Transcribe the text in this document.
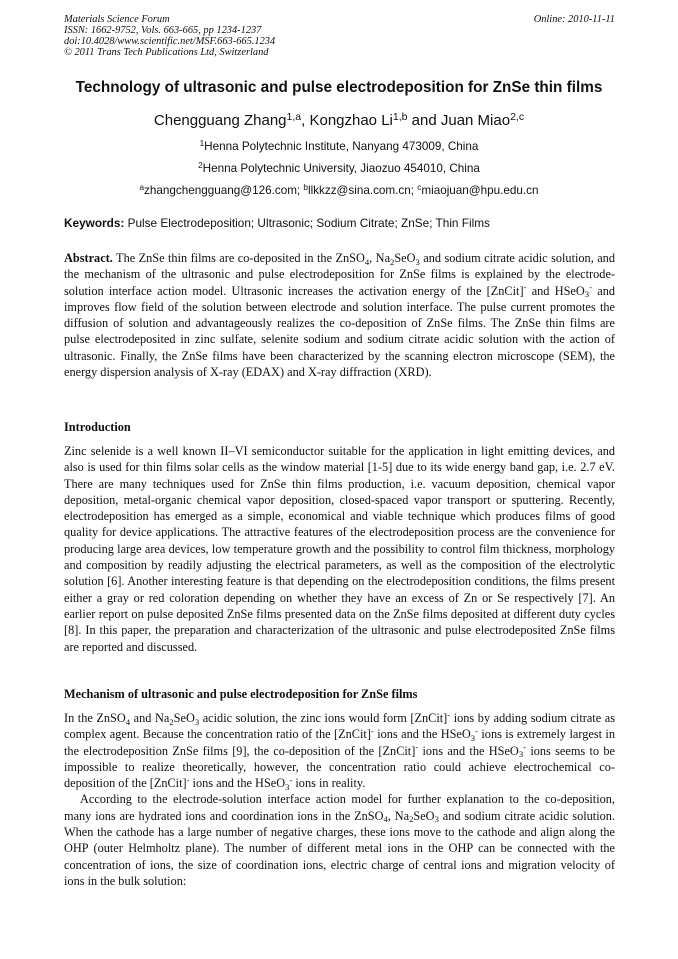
Materials Science Forum
ISSN: 1662-9752, Vols. 663-665, pp 1234-1237
doi:10.4028/www.scientific.net/MSF.663-665.1234
© 2011 Trans Tech Publications Ltd, Switzerland
Online: 2010-11-11
Technology of ultrasonic and pulse electrodeposition for ZnSe thin films
Chengguang Zhang$^{1,a}$, Kongzhao Li$^{1,b}$ and Juan Miao$^{2,c}$
$^1$Henna Polytechnic Institute, Nanyang 473009, China
$^2$Henna Polytechnic University, Jiaozuo 454010, China
$^a$zhangchengguang@126.com; $^b$llkkzz@sina.com.cn; $^c$miaojuan@hpu.edu.cn
Keywords: Pulse Electrodeposition; Ultrasonic; Sodium Citrate; ZnSe; Thin Films

Abstract. The ZnSe thin films are co-deposited in the ZnSO$_4$, $Na_2SeO_3$ and sodium citrate acidic solution, and the mechanism of the ultrasonic and pulse electrodeposition for ZnSe films is explained by the electrode-solution interface action model. Ultrasonic increases the activation energy of the [ZnCit]- and HSeO$_3$- and improves flow field of the solution between electrode and solution interface. The pulse current promotes the diffusion of solution and advantageously realizes the co-deposition of ZnSe films. The ZnSe thin films are pulse electrodeposited in zinc sulfate, selenite sodium and sodium citrate acidic solution with the action of ultrasonic. Finally, the ZnSe films have been characterized by the scanning electron microscope (SEM), the energy dispersion analysis of X-ray (EDAX) and X-ray diffraction (XRD).

Introduction

Zinc selenide is a well known II–VI semiconductor suitable for the application in light emitting devices, and also is used for thin films solar cells as the window material [1-5] due to its wide energy band gap, i.e. 2.7 eV. There are many techniques used for ZnSe thin films production, i.e. vacuum deposition, chemical vapor deposition, metal-organic chemical vapor deposition, closed-spaced vapor transport or sputtering. Recently, electrodeposition has emerged as a simple, economical and viable technique which produces films of good quality for device applications. The attractive features of the electrodeposition process are the convenience for producing large area devices, low temperature growth and the possibility to control film thickness, morphology and composition by readily adjusting the electrical parameters, as well as the composition of the electrolytic solution [6]. Another interesting feature is that depending on the electrodeposition conditions, the films present either a gray or red coloration depending on whether they have an excess of Zn or Se respectively [7]. An earlier report on pulse deposited ZnSe films presented data on the ZnSe films deposited at different duty cycles [8]. In this paper, the preparation and characterization of the ultrasonic and pulse electrodeposited ZnSe films are reported and discussed.

Mechanism of ultrasonic and pulse electrodeposition for ZnSe films

In the ZnSO$_4$ and $Na_2SeO_3$ acidic solution, the zinc ions would form [ZnCit]- ions by adding sodium citrate as complex agent. Because the concentration ratio of the [ZnCit]- ions and the HSeO$_3$- ions is extremely largest in the electrodeposition ZnSe films [9], the co-deposition of the [ZnCit]- ions and the HSeO$_3$- ions seems to be impossible to realize theoretically, however, the concentration ratio could achieve electrochemical co-deposition of the [ZnCit]- ions and the HSeO$_3$- ions in reality.

According to the electrode-solution interface action model for further explanation to the co-deposition, many ions are hydrated ions and coordination ions in the ZnSO$_4$, $Na_2SeO_3$ and sodium citrate acidic solution. When the cathode has a large number of negative charges, these ions move to the cathode and align along the OHP (outer Helmholtz plane). The number of different metal ions in the OHP can be connected with the concentration of ions, the size of coordination ions, electric charge of central ions and migration velocity of ions in the bulk solution:
